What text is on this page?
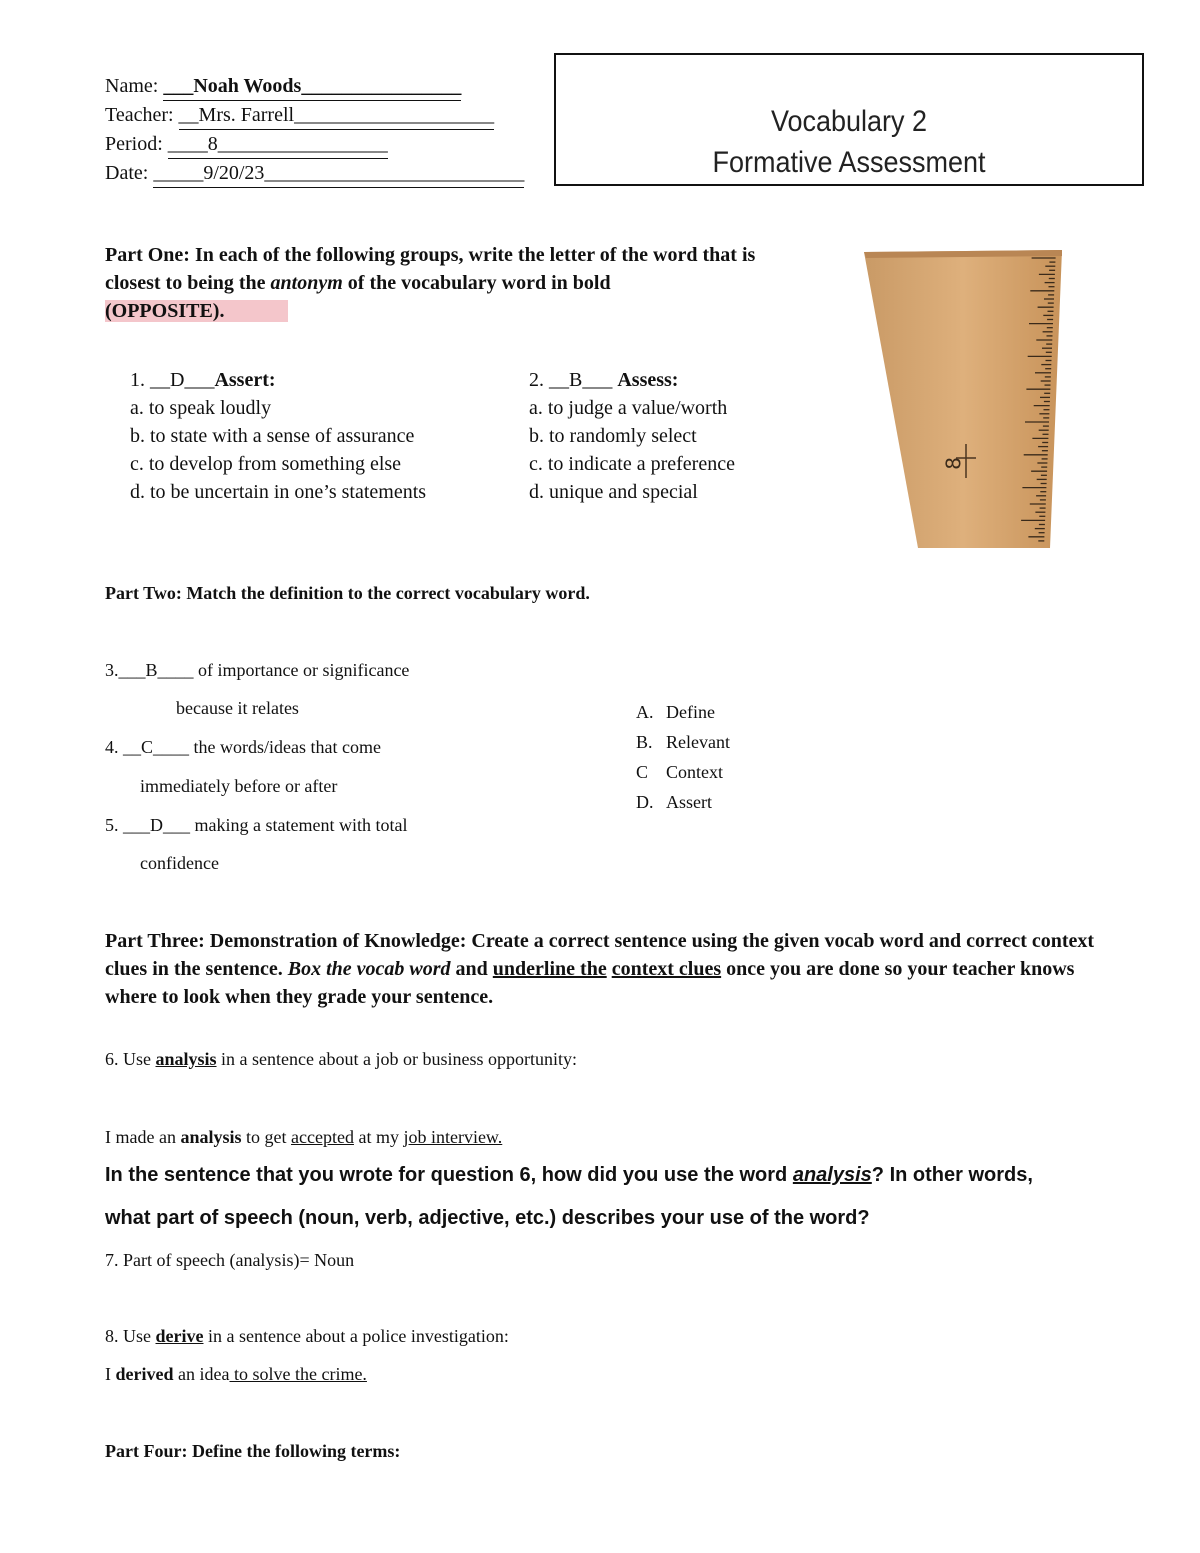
Name: ___Noah Woods________________
Teacher: __Mrs. Farrell____________________
Period: ____8_________________
Date: _____9/20/23__________________________
Vocabulary 2
Formative Assessment
Part One: In each of the following groups, write the letter of the word that is closest to being the antonym of the vocabulary word in bold (OPPOSITE).
1. __D___Assert:
a. to speak loudly
b. to state with a sense of assurance
c. to develop from something else
d. to be uncertain in one’s statements
2. __B___ Assess:
a. to judge a value/worth
b. to randomly select
c. to indicate a preference
d. unique and special
8
Part Two: Match the definition to the correct vocabulary word.
3.___B____ of importance or significance
because it relates
4. __C____ the words/ideas that come
immediately before or after
5. ___D___ making a statement with total
confidence
A. Define
B. Relevant
C Context
D. Assert
Part Three: Demonstration of Knowledge: Create a correct sentence using the given vocab word and correct context clues in the sentence. Box the vocab word and underline the context clues once you are done so your teacher knows where to look when they grade your sentence.
6. Use analysis in a sentence about a job or business opportunity:
I made an analysis to get accepted at my job interview.
In the sentence that you wrote for question 6, how did you use the word analysis? In other words,
what part of speech (noun, verb, adjective, etc.) describes your use of the word?
7. Part of speech (analysis)= Noun
8. Use derive in a sentence about a police investigation:
I derived an idea to solve the crime.
Part Four: Define the following terms:
